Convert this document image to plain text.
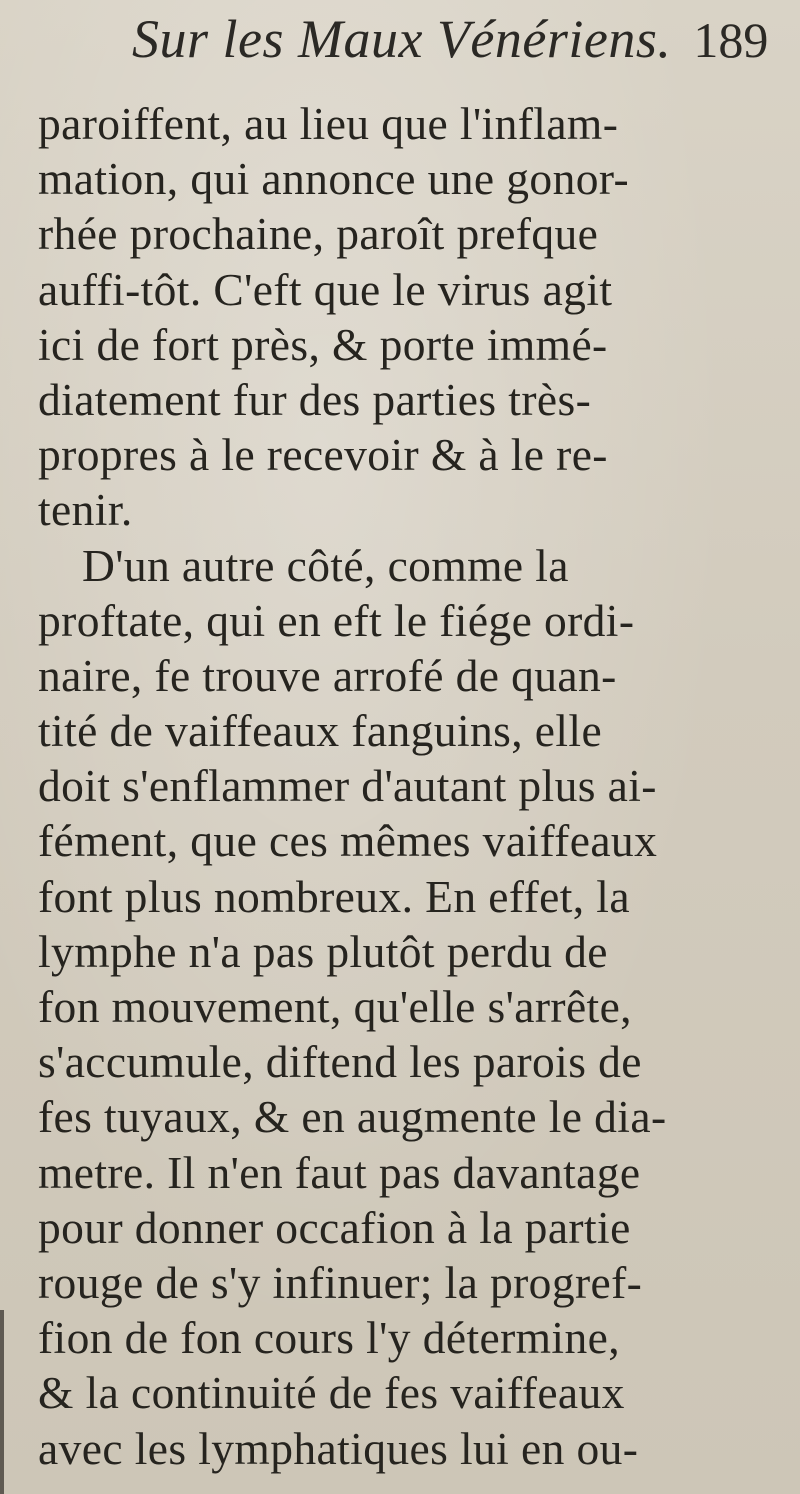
Sur les Maux Vénériens. 189
paroiffent, au lieu que l'inflam-
mation, qui annonce une gonor-
rhée prochaine, paroît prefque
auffi-tôt. C'eft que le virus agit
ici de fort près, & porte immé-
diatement fur des parties très-
propres à le recevoir & à le re-
tenir.
D'un autre côté, comme la
proftate, qui en eft le fiége ordi-
naire, fe trouve arrofé de quan-
tité de vaiffeaux fanguins, elle
doit s'enflammer d'autant plus ai-
fément, que ces mêmes vaiffeaux
font plus nombreux. En effet, la
lymphe n'a pas plutôt perdu de
fon mouvement, qu'elle s'arrête,
s'accumule, diftend les parois de
fes tuyaux, & en augmente le dia-
metre. Il n'en faut pas davantage
pour donner occafion à la partie
rouge de s'y infinuer; la progref-
fion de fon cours l'y détermine,
& la continuité de fes vaiffeaux
avec les lymphatiques lui en ou-
